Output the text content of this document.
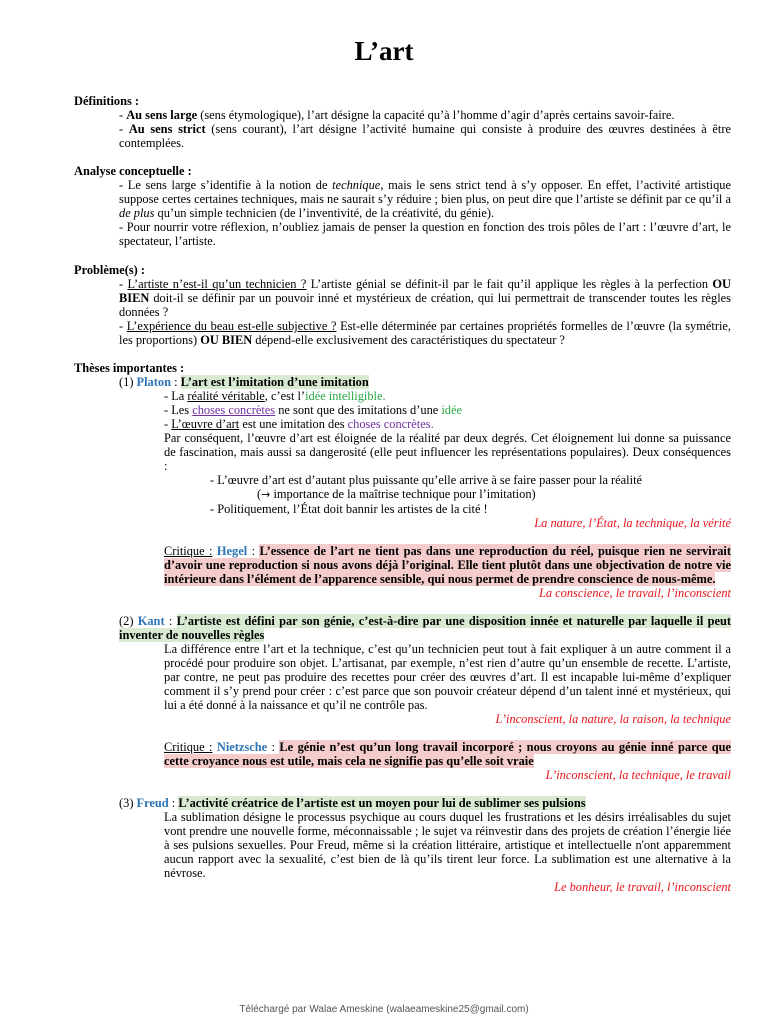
L’art
Définitions :
- Au sens large (sens étymologique), l’art désigne la capacité qu’à l’homme d’agir d’après certains savoir-faire.
- Au sens strict (sens courant), l’art désigne l’activité humaine qui consiste à produire des œuvres destinées à être contemplées.
Analyse conceptuelle :
- Le sens large s’identifie à la notion de technique, mais le sens strict tend à s’y opposer. En effet, l’activité artistique suppose certes certaines techniques, mais ne saurait s’y réduire ; bien plus, on peut dire que l’artiste se définit par ce qu’il a de plus qu’un simple technicien (de l’inventivité, de la créativité, du génie).
- Pour nourrir votre réflexion, n’oubliez jamais de penser la question en fonction des trois pôles de l’art : l’œuvre d’art, le spectateur, l’artiste.
Problème(s) :
- L’artiste n’est-il qu’un technicien ? L’artiste génial se définit-il par le fait qu’il applique les règles à la perfection OU BIEN doit-il se définir par un pouvoir inné et mystérieux de création, qui lui permettrait de transcender toutes les règles données ?
- L’expérience du beau est-elle subjective ? Est-elle déterminée par certaines propriétés formelles de l’œuvre (la symétrie, les proportions) OU BIEN dépend-elle exclusivement des caractéristiques du spectateur ?
Thèses importantes :
(1) Platon : L’art est l’imitation d’une imitation
- La réalité véritable, c’est l’idée intelligible.
- Les choses concrètes ne sont que des imitations d’une idée
- L’œuvre d’art est une imitation des choses concrètes.
Par conséquent, l’œuvre d’art est éloignée de la réalité par deux degrés. Cet éloignement lui donne sa puissance de fascination, mais aussi sa dangerosité (elle peut influencer les représentations populaires). Deux conséquences :
- L’œuvre d’art est d’autant plus puissante qu’elle arrive à se faire passer pour la réalité
(→ importance de la maîtrise technique pour l’imitation)
- Politiquement, l’État doit bannir les artistes de la cité !
La nature, l’État, la technique, la vérité
Critique : Hegel : L’essence de l’art ne tient pas dans une reproduction du réel, puisque rien ne servirait d’avoir une reproduction si nous avons déjà l’original. Elle tient plutôt dans une objectivation de notre vie intérieure dans l’élément de l’apparence sensible, qui nous permet de prendre conscience de nous-même.
La conscience, le travail, l’inconscient
(2) Kant : L’artiste est défini par son génie, c’est-à-dire par une disposition innée et naturelle par laquelle il peut inventer de nouvelles règles
La différence entre l’art et la technique, c’est qu’un technicien peut tout à fait expliquer à un autre comment il a procédé pour produire son objet. L’artisanat, par exemple, n’est rien d’autre qu’un ensemble de recette. L’artiste, par contre, ne peut pas produire des recettes pour créer des œuvres d’art. Il est incapable lui-même d’expliquer comment il s’y prend pour créer : c’est parce que son pouvoir créateur dépend d’un talent inné et mystérieux, qui lui a été donné à la naissance et qu’il ne contrôle pas.
L’inconscient, la nature, la raison, la technique
Critique : Nietzsche : Le génie n’est qu’un long travail incorporé ; nous croyons au génie inné parce que cette croyance nous est utile, mais cela ne signifie pas qu’elle soit vraie
L’inconscient, la technique, le travail
(3) Freud : L’activité créatrice de l’artiste est un moyen pour lui de sublimer ses pulsions
La sublimation désigne le processus psychique au cours duquel les frustrations et les désirs irréalisables du sujet vont prendre une nouvelle forme, méconnaissable ; le sujet va réinvestir dans des projets de création l’énergie liée à ses pulsions sexuelles. Pour Freud, même si la création littéraire, artistique et intellectuelle n'ont apparemment aucun rapport avec la sexualité, c’est bien de là qu’ils tirent leur force. La sublimation est une alternative à la névrose.
Le bonheur, le travail, l’inconscient
Téléchargé par Walae Ameskine (walaeameskine25@gmail.com)
